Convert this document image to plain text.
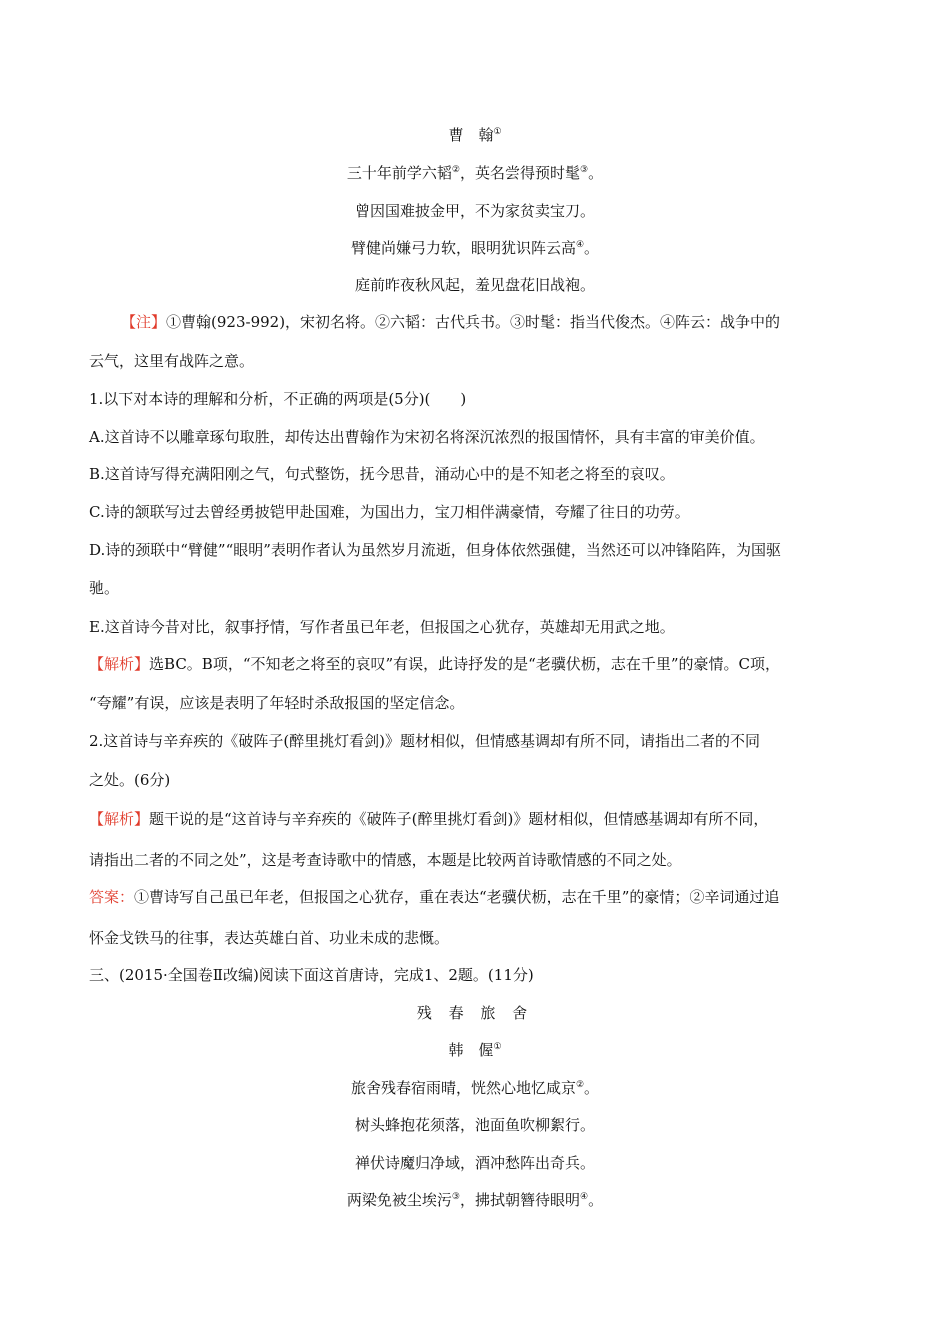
曹　翰①
三十年前学六韬②，英名尝得预时髦③。
曾因国难披金甲，不为家贫卖宝刀。
臂健尚嫌弓力软，眼明犹识阵云高④。
庭前昨夜秋风起，羞见盘花旧战袍。
【注】①曹翰(923-992)，宋初名将。②六韬：古代兵书。③时髦：指当代俊杰。④阵云：战争中的
云气，这里有战阵之意。
1.以下对本诗的理解和分析，不正确的两项是(5分)(　　)
A.这首诗不以雕章琢句取胜，却传达出曹翰作为宋初名将深沉浓烈的报国情怀，具有丰富的审美价值。
B.这首诗写得充满阳刚之气，句式整饬，抚今思昔，涌动心中的是不知老之将至的哀叹。
C.诗的颔联写过去曾经勇披铠甲赴国难，为国出力，宝刀相伴满豪情，夸耀了往日的功劳。
D.诗的颈联中“臂健”“眼明”表明作者认为虽然岁月流逝，但身体依然强健，当然还可以冲锋陷阵，为国驱
驰。
E.这首诗今昔对比，叙事抒情，写作者虽已年老，但报国之心犹存，英雄却无用武之地。
【解析】选BC。B项，“不知老之将至的哀叹”有误，此诗抒发的是“老骥伏枥，志在千里”的豪情。C项，
“夸耀”有误，应该是表明了年轻时杀敌报国的坚定信念。
2.这首诗与辛弃疾的《破阵子(醉里挑灯看剑)》题材相似，但情感基调却有所不同，请指出二者的不同
之处。(6分)
【解析】题干说的是“这首诗与辛弃疾的《破阵子(醉里挑灯看剑)》题材相似，但情感基调却有所不同，
请指出二者的不同之处”，这是考查诗歌中的情感，本题是比较两首诗歌情感的不同之处。
答案：①曹诗写自己虽已年老，但报国之心犹存，重在表达“老骥伏枥，志在千里”的豪情；②辛词通过追
怀金戈铁马的往事，表达英雄白首、功业未成的悲慨。
三、(2015·全国卷Ⅱ改编)阅读下面这首唐诗，完成1、2题。(11分)
残 春 旅 舍
韩　偓①
旅舍残春宿雨晴，恍然心地忆咸京②。
树头蜂抱花须落，池面鱼吹柳絮行。
禅伏诗魔归净域，酒冲愁阵出奇兵。
两梁免被尘埃污③，拂拭朝簪待眼明④。
